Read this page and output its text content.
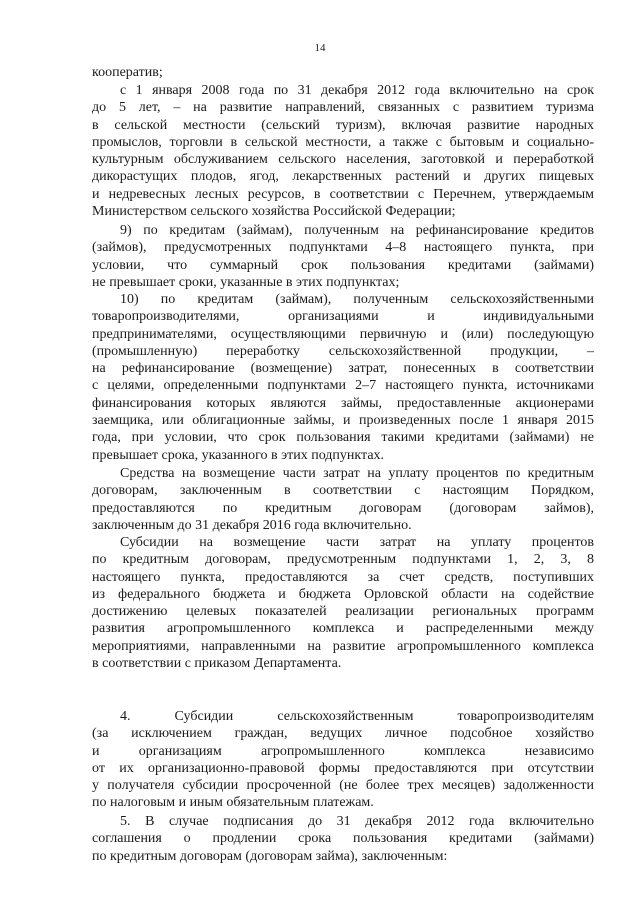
14
кооператив;
с 1 января 2008 года по 31 декабря 2012 года включительно на срок
до 5 лет, – на развитие направлений, связанных с развитием туризма
в сельской местности (сельский туризм), включая развитие народных
промыслов, торговли в сельской местности, а также с бытовым и социально-
культурным обслуживанием сельского населения, заготовкой и переработкой
дикорастущих плодов, ягод, лекарственных растений и других пищевых
и недревесных лесных ресурсов, в соответствии с Перечнем, утверждаемым
Министерством сельского хозяйства Российской Федерации;
9) по кредитам (займам), полученным на рефинансирование кредитов
(займов), предусмотренных подпунктами 4–8 настоящего пункта, при
условии, что суммарный срок пользования кредитами (займами)
не превышает сроки, указанные в этих подпунктах;
10) по кредитам (займам), полученным сельскохозяйственными
товаропроизводителями, организациями и индивидуальными
предпринимателями, осуществляющими первичную и (или) последующую
(промышленную) переработку сельскохозяйственной продукции, –
на рефинансирование (возмещение) затрат, понесенных в соответствии
с целями, определенными подпунктами 2–7 настоящего пункта, источниками
финансирования которых являются займы, предоставленные акционерами
заемщика, или облигационные займы, и произведенных после 1 января 2015
года, при условии, что срок пользования такими кредитами (займами) не
превышает срока, указанного в этих подпунктах.
Средства на возмещение части затрат на уплату процентов по кредитным
договорам, заключенным в соответствии с настоящим Порядком,
предоставляются по кредитным договорам (договорам займов),
заключенным до 31 декабря 2016 года включительно.
Субсидии на возмещение части затрат на уплату процентов
по кредитным договорам, предусмотренным подпунктами 1, 2, 3, 8
настоящего пункта, предоставляются за счет средств, поступивших
из федерального бюджета и бюджета Орловской области на содействие
достижению целевых показателей реализации региональных программ
развития агропромышленного комплекса и распределенными между
мероприятиями, направленными на развитие агропромышленного комплекса
в соответствии с приказом Департамента.
4. Субсидии сельскохозяйственным товаропроизводителям
(за исключением граждан, ведущих личное подсобное хозяйство
и организациям агропромышленного комплекса независимо
от их организационно-правовой формы предоставляются при отсутствии
у получателя субсидии просроченной (не более трех месяцев) задолженности
по налоговым и иным обязательным платежам.
5. В случае подписания до 31 декабря 2012 года включительно
соглашения о продлении срока пользования кредитами (займами)
по кредитным договорам (договорам займа), заключенным:
